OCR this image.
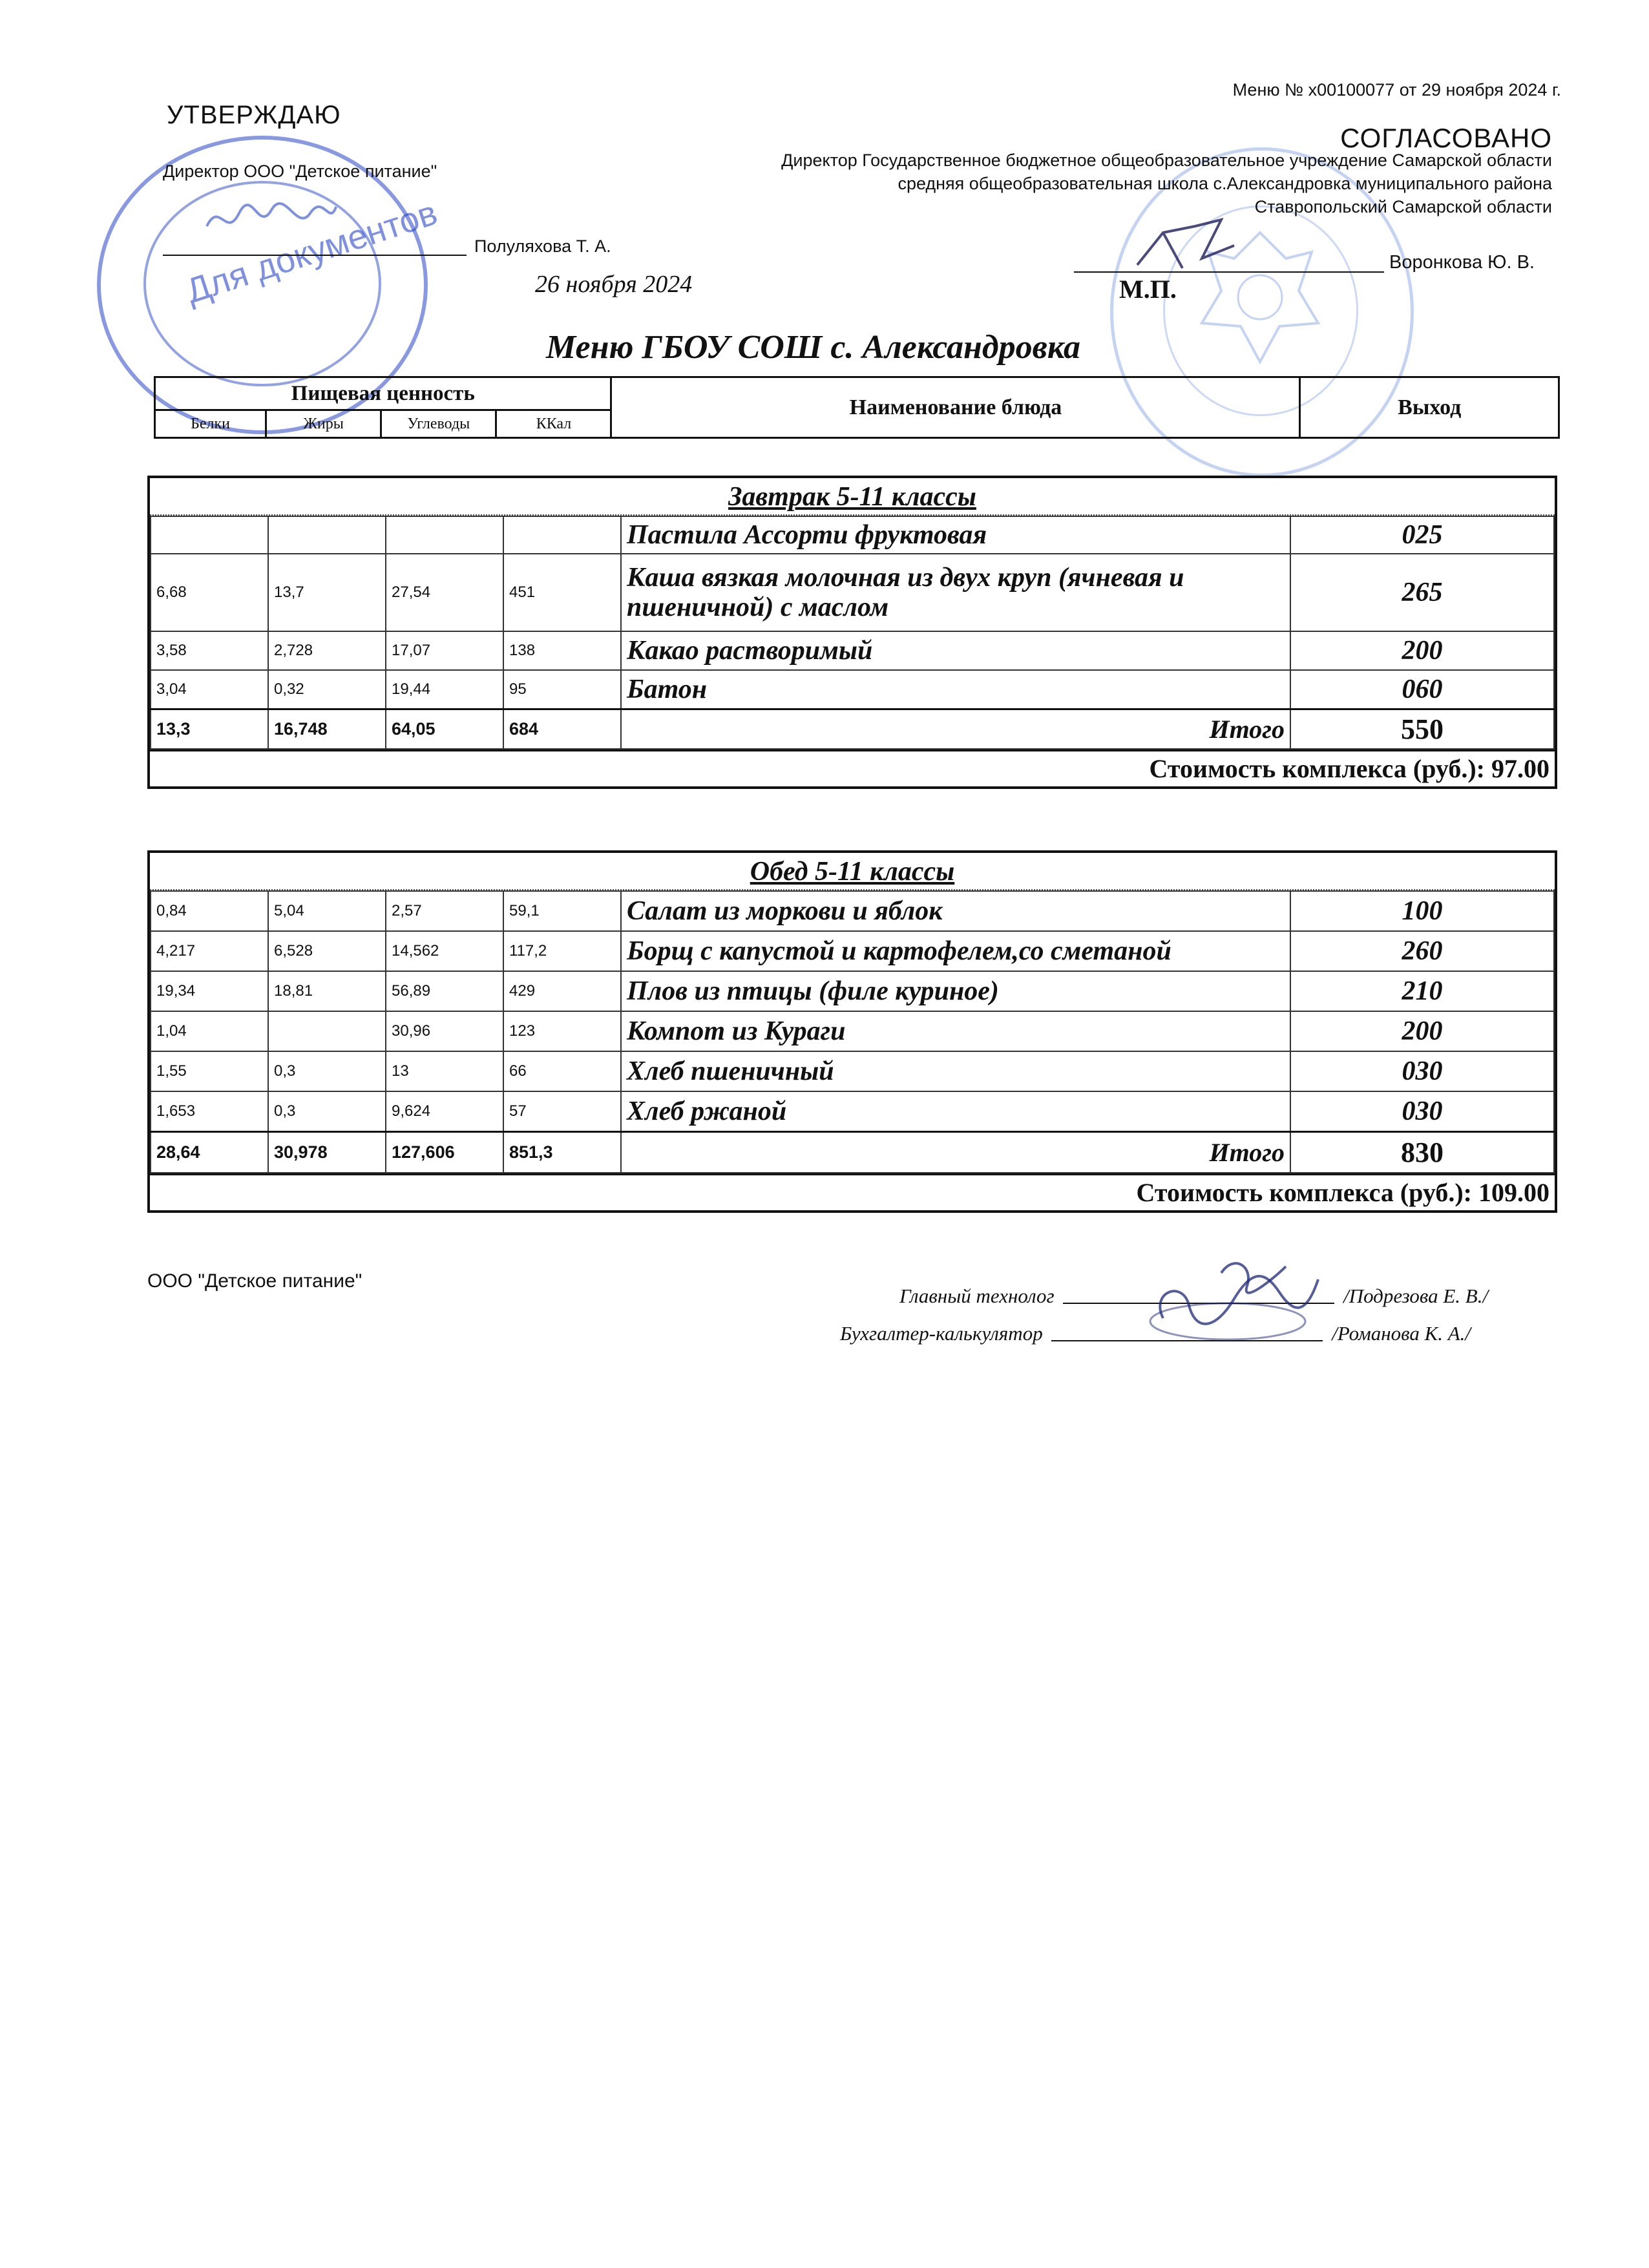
Меню № x00100077 от 29 ноября 2024 г.
Для документов
УТВЕРЖДАЮ
Директор ООО "Детское питание"
Полуляхова Т. А.
26 ноября 2024
СОГЛАСОВАНО
Директор Государственное бюджетное общеобразовательное учреждение Самарской области средняя общеобразовательная школа с.Александровка муниципального района Ставропольский Самарской области
Воронкова Ю. В.
М.П.
Меню ГБОУ СОШ с. Александровка
Пищевая ценность				Наименование блюда	Выход
Белки	Жиры	Углеводы	ККал		
Завтрак 5-11 классы
				Пастила Ассорти фруктовая	025
6,68	13,7	27,54	451	Каша вязкая молочная из двух круп (ячневая и пшеничной) с маслом	265
3,58	2,728	17,07	138	Какао растворимый	200
3,04	0,32	19,44	95	Батон	060
13,3	16,748	64,05	684	Итого	550
Стоимость комплекса (руб.): 97.00
Обед 5-11 классы
0,84	5,04	2,57	59,1	Салат из моркови и яблок	100
4,217	6,528	14,562	117,2	Борщ с капустой и картофелем,со сметаной	260
19,34	18,81	56,89	429	Плов из птицы (филе куриное)	210
1,04		30,96	123	Компот из Кураги	200
1,55	0,3	13	66	Хлеб пшеничный	030
1,653	0,3	9,624	57	Хлеб ржаной	030
28,64	30,978	127,606	851,3	Итого	830
Стоимость комплекса (руб.): 109.00
ООО "Детское питание"
Главный технолог	/Подрезова Е. В./
Бухгалтер-калькулятор	/Романова К. А./
